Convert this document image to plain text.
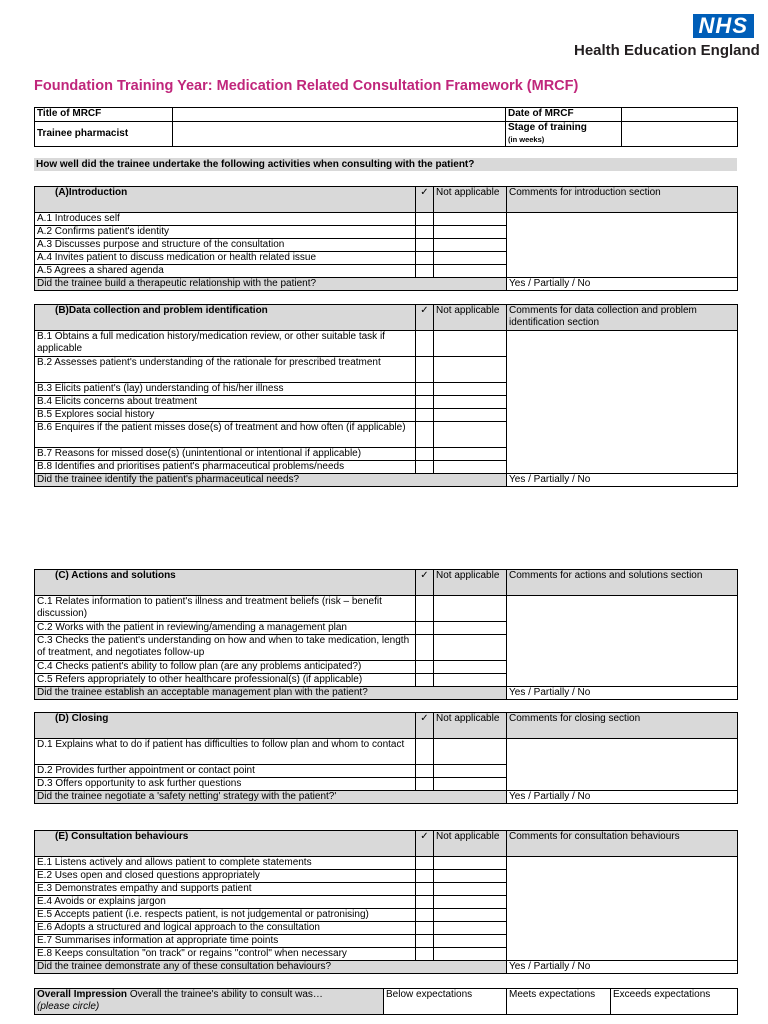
NHS
Health Education England
Foundation Training Year: Medication Related Consultation Framework (MRCF)
Title of MRCF		Date of MRCF	
Trainee pharmacist		Stage of training
(in weeks)	
How well did the trainee undertake the following activities when consulting with the patient?
(A)Introduction	✓	Not applicable	Comments for introduction section
A.1 Introduces self			
A.2 Confirms patient's identity			
A.3 Discusses purpose and structure of the consultation			
A.4 Invites patient to discuss medication or health related issue			
A.5 Agrees a shared agenda			
Did the trainee build a therapeutic relationship with the patient?			Yes / Partially / No
(B)Data collection and problem identification	✓	Not applicable	Comments for data collection and problem identification section
B.1 Obtains a full medication history/medication review, or other suitable task if applicable			
B.2 Assesses patient's understanding of the rationale for prescribed treatment			
B.3 Elicits patient's (lay) understanding of his/her illness			
B.4 Elicits concerns about treatment			
B.5 Explores social history			
B.6 Enquires if the patient misses dose(s) of treatment and how often (if applicable)			
B.7 Reasons for missed dose(s) (unintentional or intentional if applicable)			
B.8 Identifies and prioritises patient's pharmaceutical problems/needs			
Did the trainee identify the patient's pharmaceutical needs?			Yes / Partially / No
(C) Actions and solutions	✓	Not applicable	Comments for actions and solutions section
C.1 Relates information to patient's illness and treatment beliefs (risk – benefit discussion)			
C.2 Works with the patient in reviewing/amending a management plan			
C.3 Checks the patient's understanding on how and when to take medication, length of treatment, and negotiates follow-up			
C.4 Checks patient's ability to follow plan (are any problems anticipated?)			
C.5 Refers appropriately to other healthcare professional(s) (if applicable)			
Did the trainee establish an acceptable management plan with the patient?			Yes / Partially / No
(D) Closing	✓	Not applicable	Comments for closing section
D.1 Explains what to do if patient has difficulties to follow plan and whom to contact			
D.2 Provides further appointment or contact point			
D.3 Offers opportunity to ask further questions			
Did the trainee negotiate a 'safety netting' strategy with the patient?'			Yes / Partially / No
(E) Consultation behaviours	✓	Not applicable	Comments for consultation behaviours
E.1 Listens actively and allows patient to complete statements			
E.2 Uses open and closed questions appropriately			
E.3 Demonstrates empathy and supports patient			
E.4 Avoids or explains jargon			
E.5 Accepts patient (i.e. respects patient, is not judgemental or patronising)			
E.6 Adopts a structured and logical approach to the consultation			
E.7 Summarises information at appropriate time points			
E.8 Keeps consultation "on track" or regains "control" when necessary			
Did the trainee demonstrate any of these consultation behaviours?			Yes / Partially / No
Overall Impression Overall the trainee's ability to consult was…
(please circle)	Below expectations	Meets expectations	Exceeds expectations
